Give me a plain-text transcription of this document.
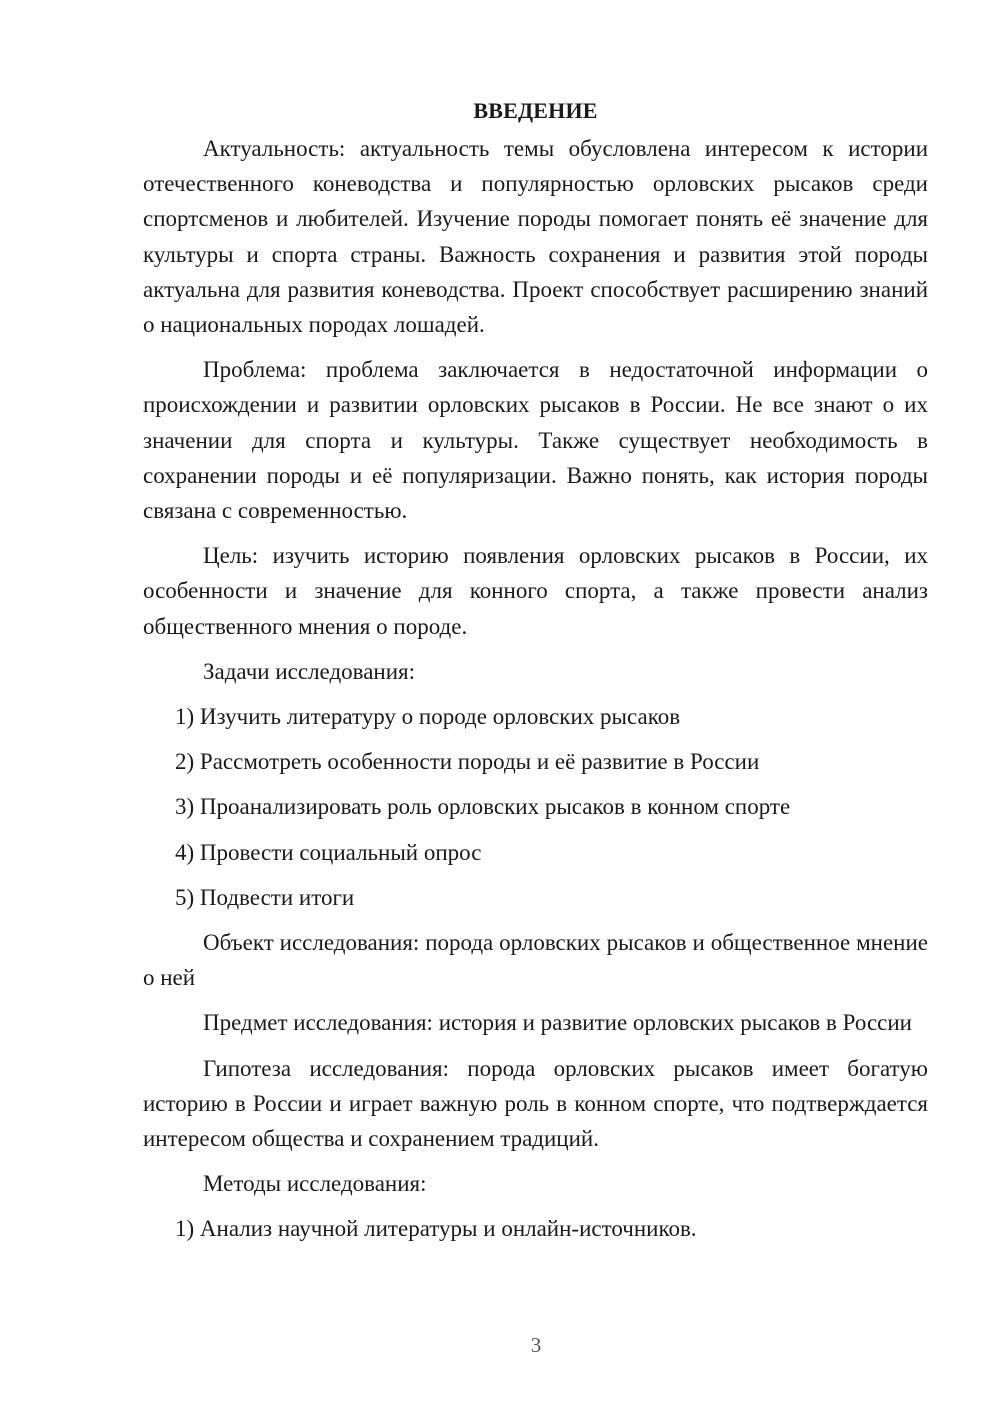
ВВЕДЕНИЕ

Актуальность: актуальность темы обусловлена интересом к истории отечественного коневодства и популярностью орловских рысаков среди спортсменов и любителей. Изучение породы помогает понять её значение для культуры и спорта страны. Важность сохранения и развития этой породы актуальна для развития коневодства. Проект способствует расширению знаний о национальных породах лошадей.

Проблема: проблема заключается в недостаточной информации о происхождении и развитии орловских рысаков в России. Не все знают о их значении для спорта и культуры. Также существует необходимость в сохранении породы и её популяризации. Важно понять, как история породы связана с современностью.

Цель: изучить историю появления орловских рысаков в России, их особенности и значение для конного спорта, а также провести анализ общественного мнения о породе.

Задачи исследования:

1) Изучить литературу о породе орловских рысаков
2) Рассмотреть особенности породы и её развитие в России
3) Проанализировать роль орловских рысаков в конном спорте
4) Провести социальный опрос
5) Подвести итоги

Объект исследования: порода орловских рысаков и общественное мнение о ней

Предмет исследования: история и развитие орловских рысаков в России

Гипотеза исследования: порода орловских рысаков имеет богатую историю в России и играет важную роль в конном спорте, что подтверждается интересом общества и сохранением традиций.

Методы исследования:

1) Анализ научной литературы и онлайн-источников.
3
